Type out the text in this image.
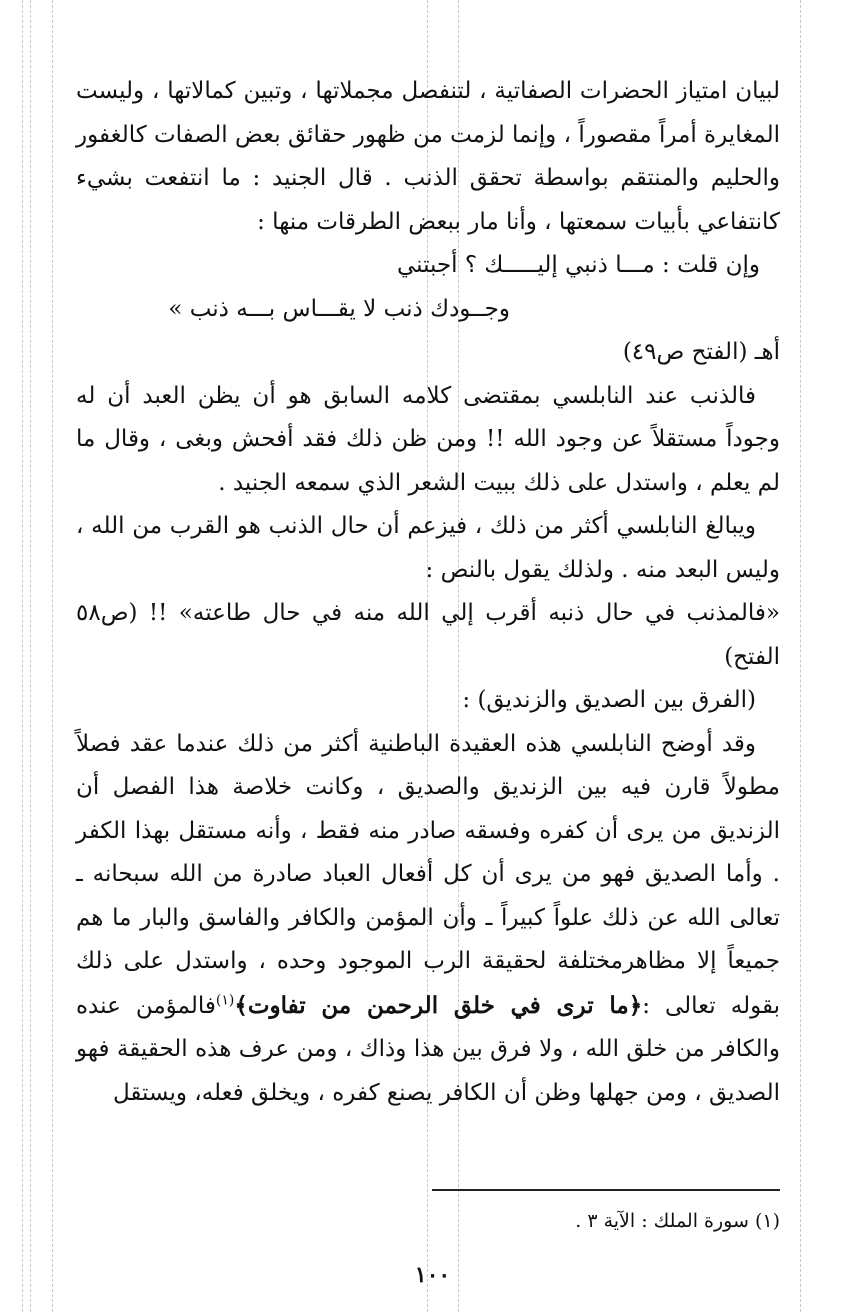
لبيان امتياز الحضرات الصفاتية ، لتنفصل مجملاتها ، وتبين كمالاتها ، وليست المغايرة أمراً مقصوراً ، وإنما لزمت من ظهور حقائق بعض الصفات كالغفور والحليم والمنتقم بواسطة تحقق الذنب . قال الجنيد : ما انتفعت بشيء كانتفاعي بأبيات سمعتها ، وأنا مار ببعض الطرقات منها :

وإن قلت : مـــا ذنبي إليـــــك ؟ أجبتني
وجــودك ذنب لا يقـــاس بـــه ذنب »

أهـ (الفتح ص٤٩)

فالذنب عند النابلسي بمقتضى كلامه السابق هو أن يظن العبد أن له وجوداً مستقلاً عن وجود الله !! ومن ظن ذلك فقد أفحش وبغى ، وقال ما لم يعلم ، واستدل على ذلك ببيت الشعر الذي سمعه الجنيد .

ويبالغ النابلسي أكثر من ذلك ، فيزعم أن حال الذنب هو القرب من الله ، وليس البعد منه . ولذلك يقول بالنص :

«فالمذنب في حال ذنبه أقرب إلي الله منه في حال طاعته» !! (ص٥٨ الفتح)

(الفرق بين الصديق والزنديق) :

وقد أوضح النابلسي هذه العقيدة الباطنية أكثر من ذلك عندما عقد فصلاً مطولاً قارن فيه بين الزنديق والصديق ، وكانت خلاصة هذا الفصل أن الزنديق من يرى أن كفره وفسقه صادر منه فقط ، وأنه مستقل بهذا الكفر . وأما الصديق فهو من يرى أن كل أفعال العباد صادرة من الله سبحانه ـ تعالى الله عن ذلك علواً كبيراً ـ وأن المؤمن والكافر والفاسق والبار ما هم جميعاً إلا مظاهرمختلفة لحقيقة الرب الموجود وحده ، واستدل على ذلك بقوله تعالى :﴿ما ترى في خلق الرحمن من تفاوت﴾$^{(١)}$فالمؤمن عنده والكافر من خلق الله ، ولا فرق بين هذا وذاك ، ومن عرف هذه الحقيقة فهو الصديق ، ومن جهلها وظن أن الكافر يصنع كفره ، ويخلق فعله، ويستقل

(١) سورة الملك : الآية ٣ .
١٠٠
